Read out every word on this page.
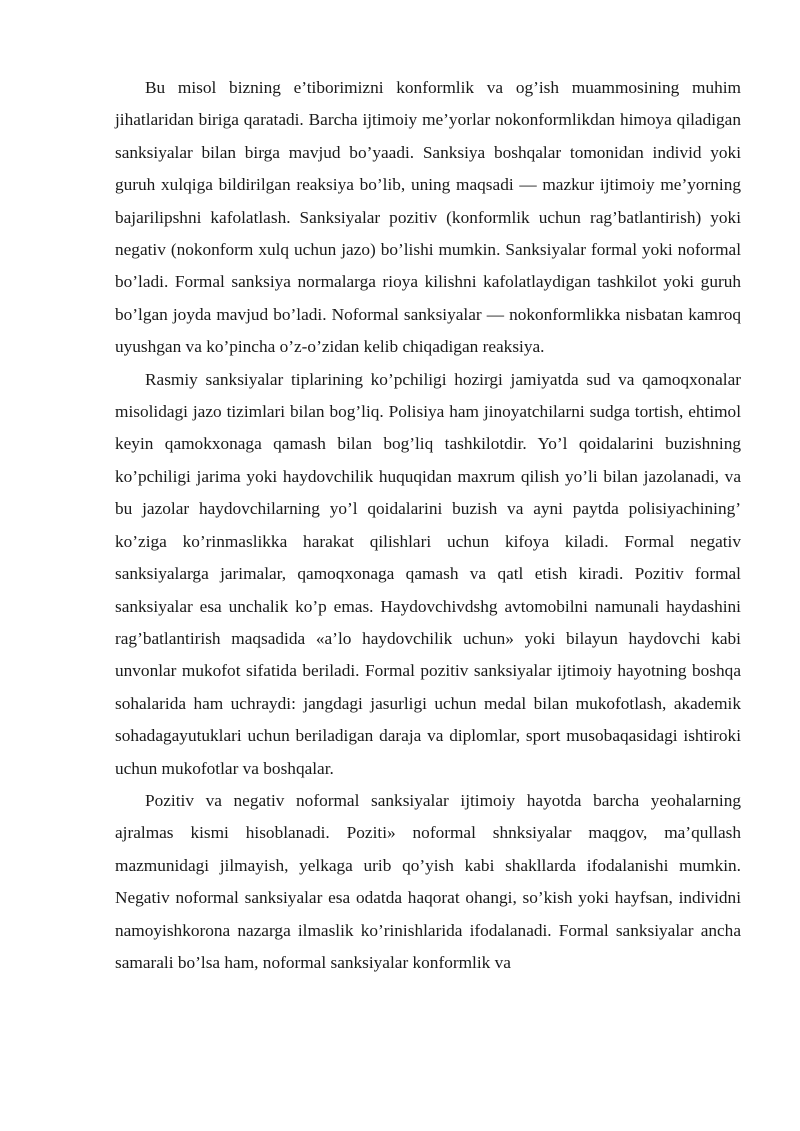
Bu misol bizning e’tiborimizni konformlik va og’ish muammosining muhim jihatlaridan biriga qaratadi. Barcha ijtimoiy me’yorlar nokonformlikdan himoya qiladigan sanksiyalar bilan birga mavjud bo’yaadi. Sanksiya boshqalar tomonidan individ yoki guruh xulqiga bildirilgan reaksiya bo’lib, uning maqsadi — mazkur ijtimoiy me’yorning bajarilipshni kafolatlash. Sanksiyalar pozitiv (konformlik uchun rag’batlantirish) yoki negativ (nokonform xulq uchun jazo) bo’lishi mumkin. Sanksiyalar formal yoki noformal bo’ladi. Formal sanksiya normalarga rioya kilishni kafolatlaydigan tashkilot yoki guruh bo’lgan joyda mavjud bo’ladi. Noformal sanksiyalar — nokonformlikka nisbatan kamroq uyushgan va ko’pincha o’z-o’zidan kelib chiqadigan reaksiya.

Rasmiy sanksiyalar tiplarining ko’pchiligi hozirgi jamiyatda sud va qamoqxonalar misolidagi jazo tizimlari bilan bog’liq. Polisiya ham jinoyatchilarni sudga tortish, ehtimol keyin qamokxonaga qamash bilan bog’liq tashkilotdir. Yo’l qoidalarini buzishning ko’pchiligi jarima yoki haydovchilik huquqidan maxrum qilish yo’li bilan jazolanadi, va bu jazolar haydovchilarning yo’l qoidalarini buzish va ayni paytda polisiyachining’ ko’ziga ko’rinmaslikka harakat qilishlari uchun kifoya kiladi. Formal negativ sanksiyalarga jarimalar, qamoqxonaga qamash va qatl etish kiradi. Pozitiv formal sanksiyalar esa unchalik ko’p emas. Haydovchivdshg avtomobilni namunali haydashini rag’batlantirish maqsadida «a’lo haydovchilik uchun» yoki bilayun haydovchi kabi unvonlar mukofot sifatida beriladi. Formal pozitiv sanksiyalar ijtimoiy hayotning boshqa sohalarida ham uchraydi: jangdagi jasurligi uchun medal bilan mukofotlash, akademik sohadagayutuklari uchun beriladigan daraja va diplomlar, sport musobaqasidagi ishtiroki uchun mukofotlar va boshqalar.

Pozitiv va negativ noformal sanksiyalar ijtimoiy hayotda barcha yeohalarning ajralmas kismi hisoblanadi. Poziti» noformal shnksiyalar maqgov, ma’qullash mazmunidagi jilmayish, yelkaga urib qo’yish kabi shakllarda ifodalanishi mumkin. Negativ noformal sanksiyalar esa odatda haqorat ohangi, so’kish yoki hayfsan, individni namoyishkorona nazarga ilmaslik ko’rinishlarida ifodalanadi. Formal sanksiyalar ancha samarali bo’lsa ham, noformal sanksiyalar konformlik va
